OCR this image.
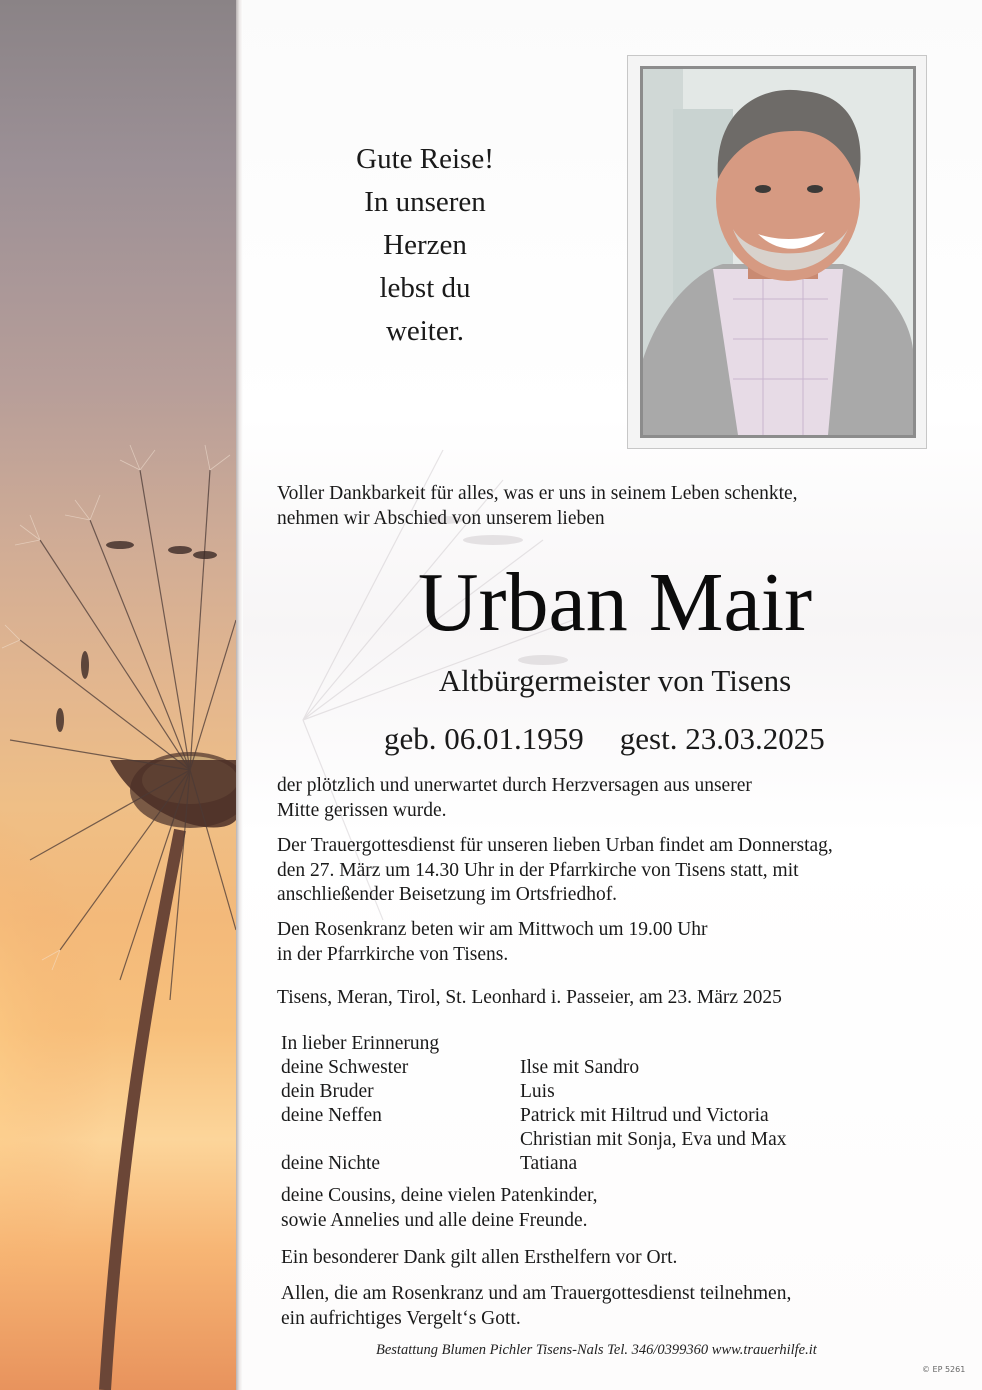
Gute Reise!
In unseren
Herzen
lebst du
weiter.
Voller Dankbarkeit für alles, was er uns in seinem Leben schenkte,
nehmen wir Abschied von unserem lieben
Urban Mair
Altbürgermeister von Tisens
geb. 06.01.1959 gest. 23.03.2025
der plötzlich und unerwartet durch Herzversagen aus unserer
Mitte gerissen wurde.
Der Trauergottesdienst für unseren lieben Urban findet am Donnerstag,
den 27. März um 14.30 Uhr in der Pfarrkirche von Tisens statt, mit
anschließender Beisetzung im Ortsfriedhof.
Den Rosenkranz beten wir am Mittwoch um 19.00 Uhr
in der Pfarrkirche von Tisens.
Tisens, Meran, Tirol, St. Leonhard i. Passeier, am 23. März 2025
In lieber Erinnerung
deine Schwester	Ilse mit Sandro
dein Bruder	Luis
deine Neffen	Patrick mit Hiltrud und Victoria
Christian mit Sonja, Eva und Max
deine Nichte	Tatiana
deine Cousins, deine vielen Patenkinder,
sowie Annelies und alle deine Freunde.
Ein besonderer Dank gilt allen Ersthelfern vor Ort.
Allen, die am Rosenkranz und am Trauergottesdienst teilnehmen,
ein aufrichtiges Vergelt‘s Gott.
Bestattung Blumen Pichler Tisens-Nals Tel. 346/0399360 www.trauerhilfe.it
© EP 5261
